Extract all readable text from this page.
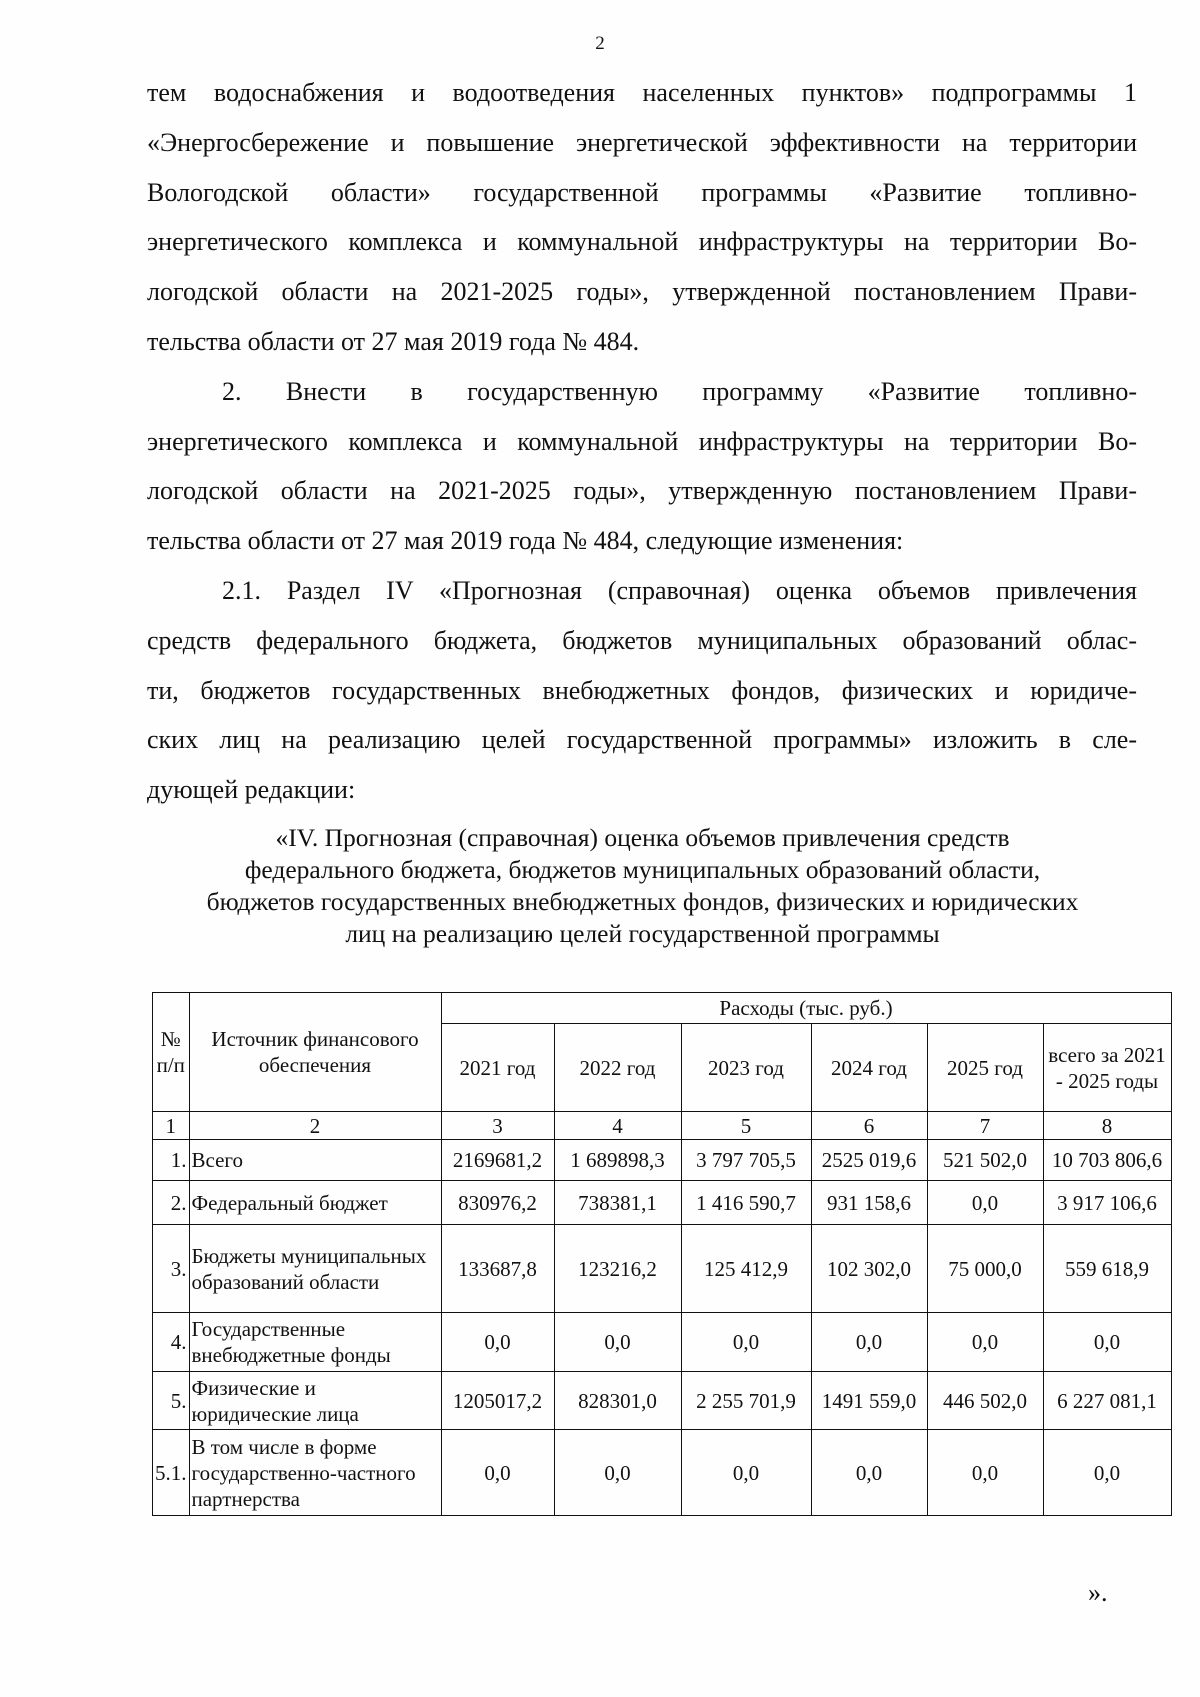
2
тем водоснабжения и водоотведения населенных пунктов» подпрограммы 1
«Энергосбережение и повышение энергетической эффективности на территории
Вологодской области» государственной программы «Развитие топливно-
энергетического комплекса и коммунальной инфраструктуры на территории Во-
логодской области на 2021-2025 годы», утвержденной постановлением Прави-
тельства области от 27 мая 2019 года № 484.
2. Внести в государственную программу «Развитие топливно-
энергетического комплекса и коммунальной инфраструктуры на территории Во-
логодской области на 2021-2025 годы», утвержденную постановлением Прави-
тельства области от 27 мая 2019 года № 484, следующие изменения:
2.1. Раздел IV «Прогнозная (справочная) оценка объемов привлечения
средств федерального бюджета, бюджетов муниципальных образований облас-
ти, бюджетов государственных внебюджетных фондов, физических и юридиче-
ских лиц на реализацию целей государственной программы» изложить в сле-
дующей редакции:
«IV. Прогнозная (справочная) оценка объемов привлечения средств
федерального бюджета, бюджетов муниципальных образований области,
бюджетов государственных внебюджетных фондов, физических и юридических
лиц на реализацию целей государственной программы
№ п/п	Источник финансового обеспечения	Расходы (тыс. руб.)					
		2021 год	2022 год	2023 год	2024 год	2025 год	всего за 2021 - 2025 годы
1	2	3	4	5	6	7	8
1.	Всего	2169681,2	1 689898,3	3 797 705,5	2525 019,6	521 502,0	10 703 806,6
2.	Федеральный бюджет	830976,2	738381,1	1 416 590,7	931 158,6	0,0	3 917 106,6
3.	Бюджеты муниципальных образований области	133687,8	123216,2	125 412,9	102 302,0	75 000,0	559 618,9
4.	Государственные внебюджетные фонды	0,0	0,0	0,0	0,0	0,0	0,0
5.	Физические и юридические лица	1205017,2	828301,0	2 255 701,9	1491 559,0	446 502,0	6 227 081,1
5.1.	В том числе в форме государственно-частного партнерства	0,0	0,0	0,0	0,0	0,0	0,0
».
